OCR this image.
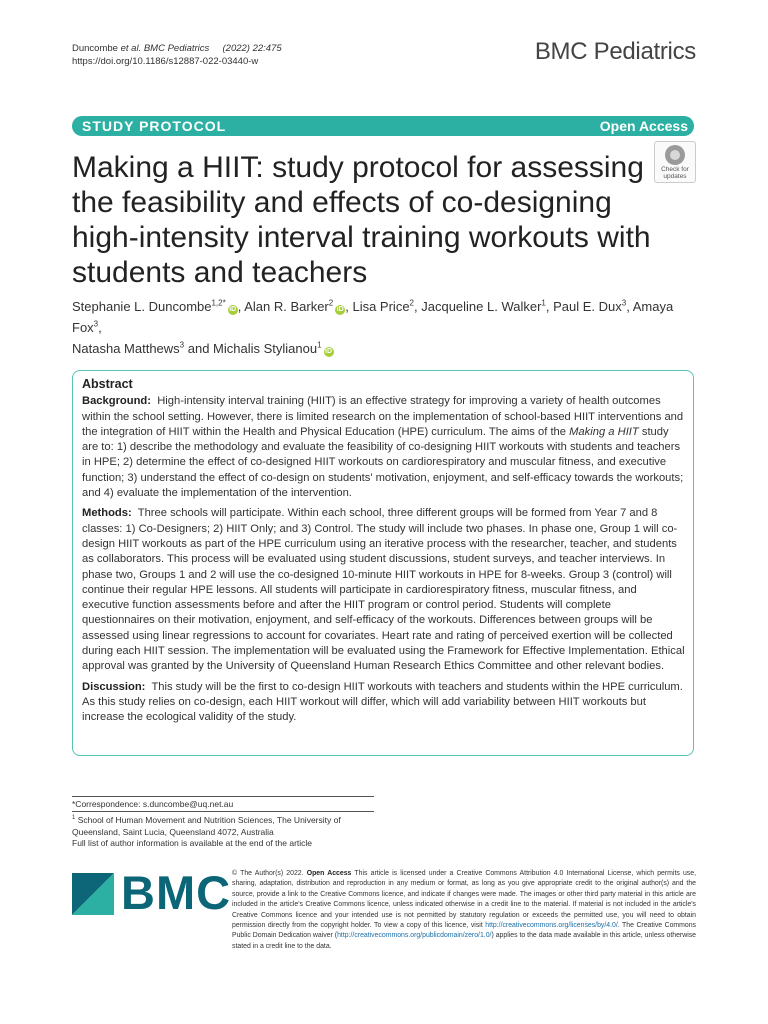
Duncombe et al. BMC Pediatrics (2022) 22:475
https://doi.org/10.1186/s12887-022-03440-w	BMC Pediatrics
STUDY PROTOCOL	Open Access
Check for
updates
Making a HIIT: study protocol for assessing the feasibility and effects of co-designing high-intensity interval training workouts with students and teachers
Stephanie L. Duncombe$^{1,2*}$iD , Alan R. Barker$^2$iD , Lisa Price$^2$, Jacqueline L. Walker$^1$, Paul E. Dux$^3$, Amaya Fox$^3$,
Natasha Matthews$^3$ and Michalis Stylianou$^1$iD
Abstract

Background: High-intensity interval training (HIIT) is an effective strategy for improving a variety of health outcomes within the school setting. However, there is limited research on the implementation of school-based HIIT interventions and the integration of HIIT within the Health and Physical Education (HPE) curriculum. The aims of the Making a HIIT study are to: 1) describe the methodology and evaluate the feasibility of co-designing HIIT workouts with students and teachers in HPE; 2) determine the effect of co-designed HIIT workouts on cardiorespiratory and muscular fitness, and executive function; 3) understand the effect of co-design on students' motivation, enjoyment, and self-efficacy towards the workouts; and 4) evaluate the implementation of the intervention.

Methods: Three schools will participate. Within each school, three different groups will be formed from Year 7 and 8 classes: 1) Co-Designers; 2) HIIT Only; and 3) Control. The study will include two phases. In phase one, Group 1 will co-design HIIT workouts as part of the HPE curriculum using an iterative process with the researcher, teacher, and students as collaborators. This process will be evaluated using student discussions, student surveys, and teacher interviews. In phase two, Groups 1 and 2 will use the co-designed 10-minute HIIT workouts in HPE for 8-weeks. Group 3 (control) will continue their regular HPE lessons. All students will participate in cardiorespiratory fitness, muscular fitness, and executive function assessments before and after the HIIT program or control period. Students will complete questionnaires on their motivation, enjoyment, and self-efficacy of the workouts. Differences between groups will be assessed using linear regressions to account for covariates. Heart rate and rating of perceived exertion will be collected during each HIIT session. The implementation will be evaluated using the Framework for Effective Implementation. Ethical approval was granted by the University of Queensland Human Research Ethics Committee and other relevant bodies.

Discussion: This study will be the first to co-design HIIT workouts with teachers and students within the HPE curriculum. As this study relies on co-design, each HIIT workout will differ, which will add variability between HIIT workouts but increase the ecological validity of the study.

*Correspondence: s.duncombe@uq.net.au
$^1$ School of Human Movement and Nutrition Sciences, The University of Queensland, Saint Lucia, Queensland 4072, Australia
Full list of author information is available at the end of the article
BMC © The Author(s) 2022. Open Access This article is licensed under a Creative Commons Attribution 4.0 International License, which permits use, sharing, adaptation, distribution and reproduction in any medium or format, as long as you give appropriate credit to the original author(s) and the source, provide a link to the Creative Commons licence, and indicate if changes were made. The images or other third party material in this article are included in the article's Creative Commons licence, unless indicated otherwise in a credit line to the material. If material is not included in the article's Creative Commons licence and your intended use is not permitted by statutory regulation or exceeds the permitted use, you will need to obtain permission directly from the copyright holder. To view a copy of this licence, visit http://creativecommons.org/licenses/by/4.0/. The Creative Commons Public Domain Dedication waiver (http://creativecommons.org/publicdomain/zero/1.0/) applies to the data made available in this article, unless otherwise stated in a credit line to the data.
